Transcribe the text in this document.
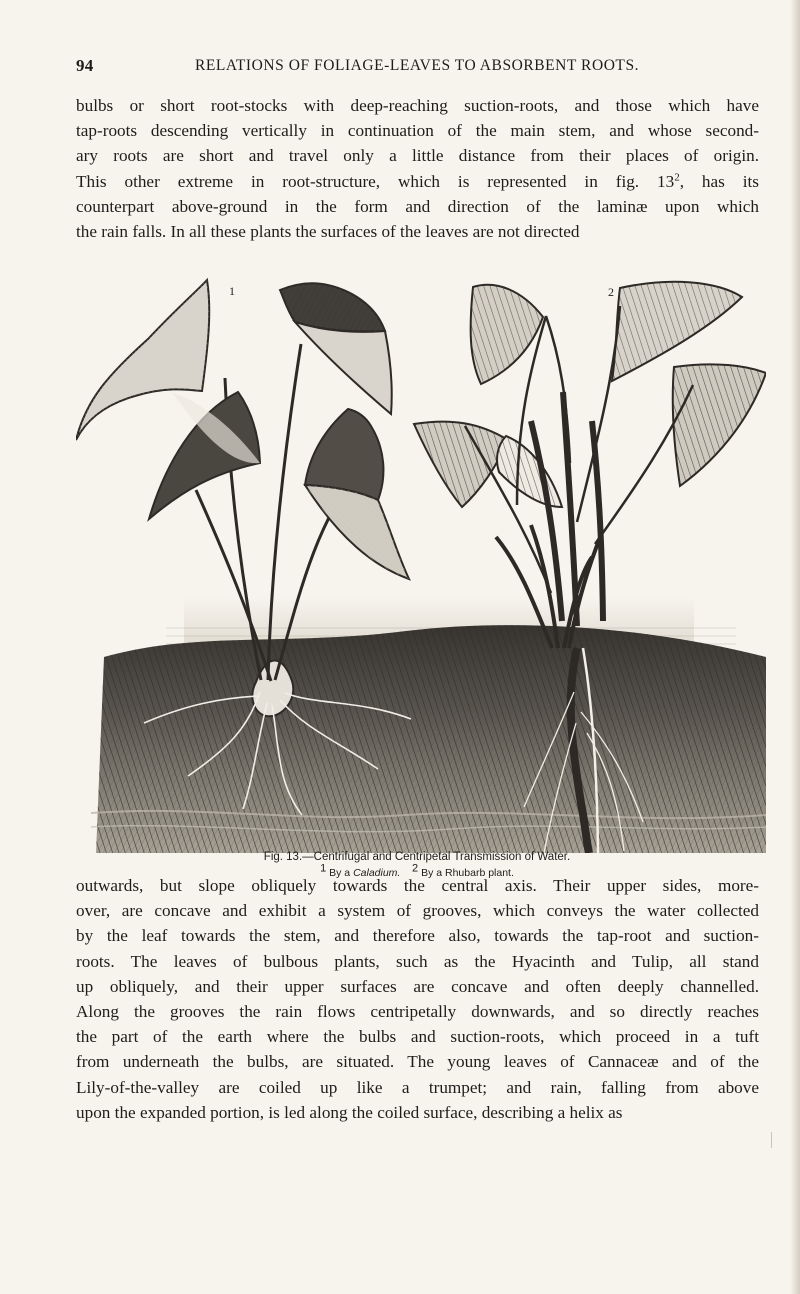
94	RELATIONS OF FOLIAGE-LEAVES TO ABSORBENT ROOTS.
bulbs or short root-stocks with deep-reaching suction-roots, and those which have
tap-roots descending vertically in continuation of the main stem, and whose second-
ary roots are short and travel only a little distance from their places of origin.
This other extreme in root-structure, which is represented in fig. $13^2$, has its
counterpart above-ground in the form and direction of the laminæ upon which
the rain falls. In all these plants the surfaces of the leaves are not directed
1	2
Fig. 13.—Centrifugal and Centripetal Transmission of Water.
1 By a Caladium. 2 By a Rhubarb plant.
outwards, but slope obliquely towards the central axis. Their upper sides, more-
over, are concave and exhibit a system of grooves, which conveys the water collected
by the leaf towards the stem, and therefore also, towards the tap-root and suction-
roots. The leaves of bulbous plants, such as the Hyacinth and Tulip, all stand
up obliquely, and their upper surfaces are concave and often deeply channelled.
Along the grooves the rain flows centripetally downwards, and so directly reaches
the part of the earth where the bulbs and suction-roots, which proceed in a tuft
from underneath the bulbs, are situated. The young leaves of Cannaceæ and of the
Lily-of-the-valley are coiled up like a trumpet; and rain, falling from above
upon the expanded portion, is led along the coiled surface, describing a helix as
